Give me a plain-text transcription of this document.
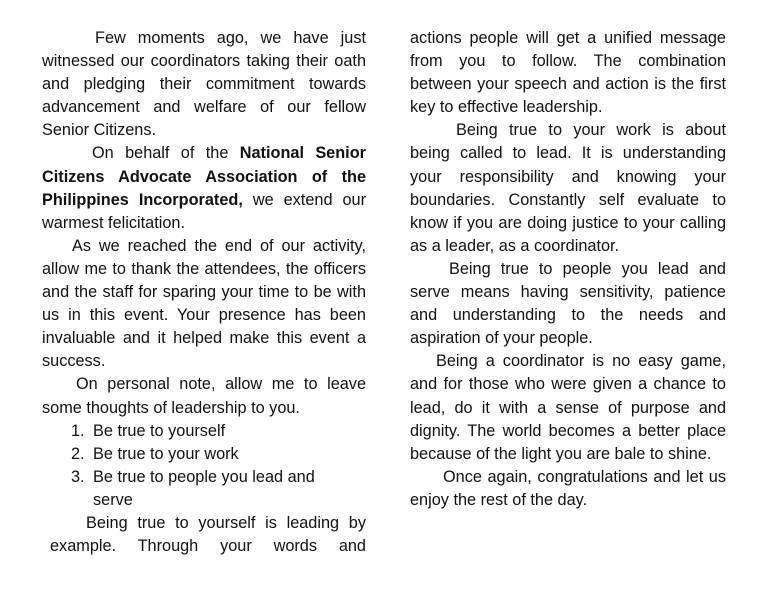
Few moments ago, we have just witnessed our coordinators taking their oath and pledging their commitment towards advancement and welfare of our fellow Senior Citizens.

On behalf of the National Senior Citizens Advocate Association of the Philippines Incorporated, we extend our warmest felicitation.

As we reached the end of our activity, allow me to thank the attendees, the officers and the staff for sparing your time to be with us in this event. Your presence has been invaluable and it helped make this event a success.

On personal note, allow me to leave some thoughts of leadership to you.

1. Be true to yourself
2. Be true to your work
3. Be true to people you lead and serve

Being true to yourself is leading by example. Through your words and

actions people will get a unified message from you to follow. The combination between your speech and action is the first key to effective leadership.

Being true to your work is about being called to lead. It is understanding your responsibility and knowing your boundaries. Constantly self evaluate to know if you are doing justice to your calling as a leader, as a coordinator.

Being true to people you lead and serve means having sensitivity, patience and understanding to the needs and aspiration of your people.

Being a coordinator is no easy game, and for those who were given a chance to lead, do it with a sense of purpose and dignity. The world becomes a better place because of the light you are bale to shine.

Once again, congratulations and let us enjoy the rest of the day.
